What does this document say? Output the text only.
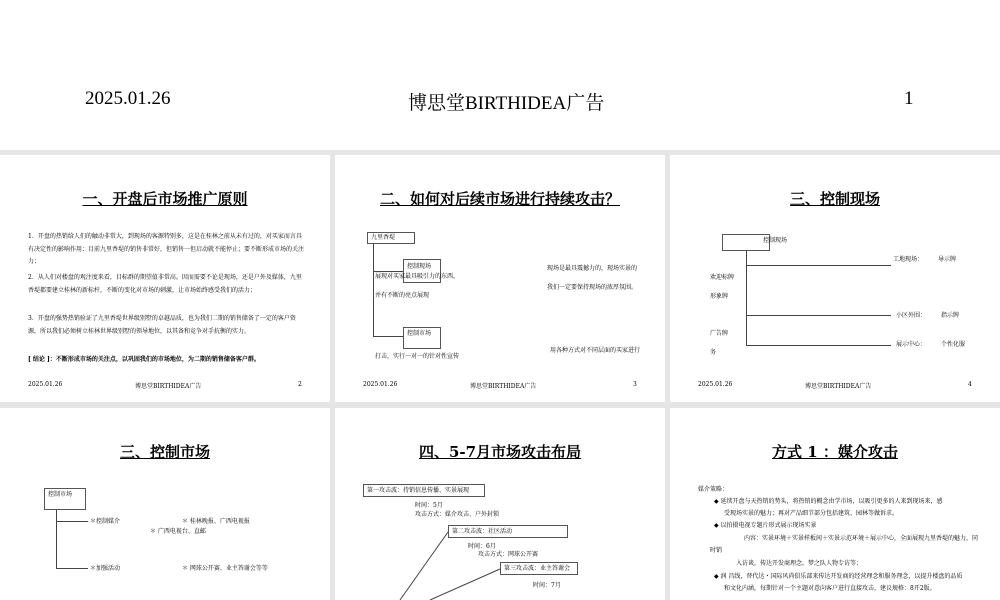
2025.01.26	博思堂BIRTHIDEA广告	1
一、开盘后市场推广原则
1．开盘的热销给人们的触动非常大，到现场的客源特别多，这是在桂林之前从未有过的，对买家而言具有决定性的影响作用；目前九里香堤的销售非常好，但销售一但启动就不能停止；要不断形成市场的关注力；
2．从人们对楼盘的观注度来看，目标群的期望值非常高。因而需要不论是现场，还是户外及媒体，九里香堤都要建立桂林的新标杆，不断的变化对市场的刺激，让市场始终感受我们的活力；
3．开盘的强势热销验证了九里香堤世界级别墅的卓越品质，也为我们二期的销售储备了一定的客户资源，所以我们必须树立桂林世界级别墅的领导地位，以其备和竞争对手抗衡的实力。
[ 结论 ]：不断形成市场的关注点，以巩固我们的市场地位，为二期的销售储备客户群。
2025.01.26	博思堂BIRTHIDEA广告	2
二、如何对后续市场进行持续攻击？
九里香堤
控制现场
控制市场
展现对买家最具吸引力的东西，
并有不断的亮点展现
打击，实行一对一的针对性宣传
现场是最具震撼力的，现场实景的
我们一定要保持现场的浓厚氛围。
用各种方式对不同层面的买家进行
2025.01.26	博思堂BIRTHIDEA广告	3
三、控制现场
控制现场
欢迎标牌
形象牌
广告牌
务
工地现场： 导示牌
小区外围： 指示牌
展示中心： 个性化服
2025.01.26	博思堂BIRTHIDEA广告	4
三、控制市场
控制市场
＊控制媒介	＊ 桂林晚报、广西电视报
＊ 广西电视台、直邮
＊加强活动	＊ 网球公开赛、业主答谢会等等
四、5-7月市场攻击布局
第一攻击波：持销信息传播、实景展现
时间：5月
攻击方式：媒介攻击、户外封锁
第二攻击波：社区活动
时间：6月
攻击方式：网球公开赛
第三攻击波：业主答谢会
时间：7月
方式 1 ：媒介攻击
媒介策略：
◆ 延续开盘与天热销的势头，将热销的概念由学市场，以吸引更多的人来到现场来，感
受现场实景的魅力；再对产品细节部分包括建筑、园林等做诉求。
◆ 以拍摄电视专题片形式展示现场实景
内容：实景环境＋实景样板间＋实景示范环境＋展示中心，全面展现九里香堤的魅力，同
时销
入访谈，传达开发商理念，梦之队人物专访等；
◆ 润 昌线，替代达・国际风尚俱乐部来传达开发商的经营理念和服务理念，以提升楼盘的品质
和文化内涵，每期针对一个主题对意向客户进行直接攻击，建议规格：8开2版。
